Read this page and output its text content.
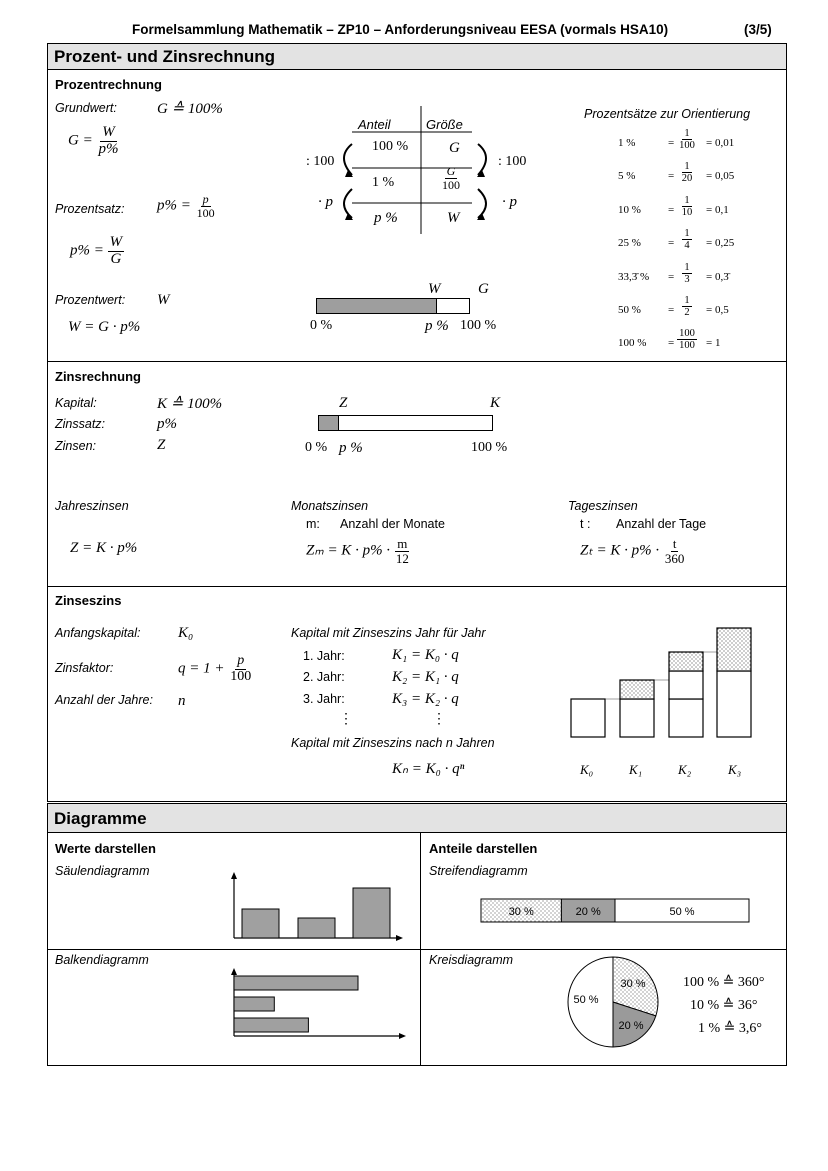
Formelsammlung Mathematik – ZP10 – Anforderungsniveau EESA (vormals HSA10)	(3/5)
Prozent- und Zinsrechnung
Prozentrechnung
Grundwert:	G ≙ 100%
$G = \frac{W}{p\%}$
Prozentsatz: $p\% = \frac{p}{100}$
$p\% = \frac{W}{G}$
Prozentwert: W
W = G · p%
Anteil	Größe
100 %	G
1 %	$\frac{G}{100}$
p %	W
: 100	: 100
· p	· p
W	G
0 %	p % 100 %
Prozentsätze zur Orientierung
1 %	= $\frac{1}{100} = 0,01$
5 %	= $\frac{1}{20} = 0,05$
10 % = $\frac{1}{10} = 0,1$
25 % = $\frac{1}{4} = 0,25$
33,3̄ % = $\frac{1}{3}$ = 0,3̄
50 % = $\frac{1}{2} = 0,5$
100 % = $\frac{100}{100} = 1$
Zinsrechnung
Kapital:	K ≙ 100%
Zinssatz:	p%
Zinsen:	Z
Z	K
0 % p %	100 %
Jahreszinsen
Z = K · p%
Monatszinsen
m: Anzahl der Monate
$Z_m = K \cdot p\% \cdot \frac{m}{12}$
Tageszinsen
t : Anzahl der Tage
$Z_t = K \cdot p\% \cdot \frac{t}{360}$
Zinseszins
Anfangskapital:	K₀
Zinsfaktor:	$q = 1 + \frac{p}{100}$
Anzahl der Jahre: n
Kapital mit Zinseszins Jahr für Jahr
1. Jahr:	K₁ = K₀ · q
2. Jahr:	K₂ = K₁ · q
3. Jahr:	K₃ = K₂ · q
⋮	⋮
Kapital mit Zinseszins nach n Jahren
Kₙ = K₀ · qⁿ	K₀	K₁	K₂	K₃
Diagramme
Werte darstellen
Säulendiagramm
Anteile darstellen
Streifendiagramm
Balkendiagramm	Kreisdiagramm
30 %	20 %	50 %
30 %
20 %
50 %
100 % ≙ 360°
10 % ≙ 36°
1 % ≙ 3,6°
